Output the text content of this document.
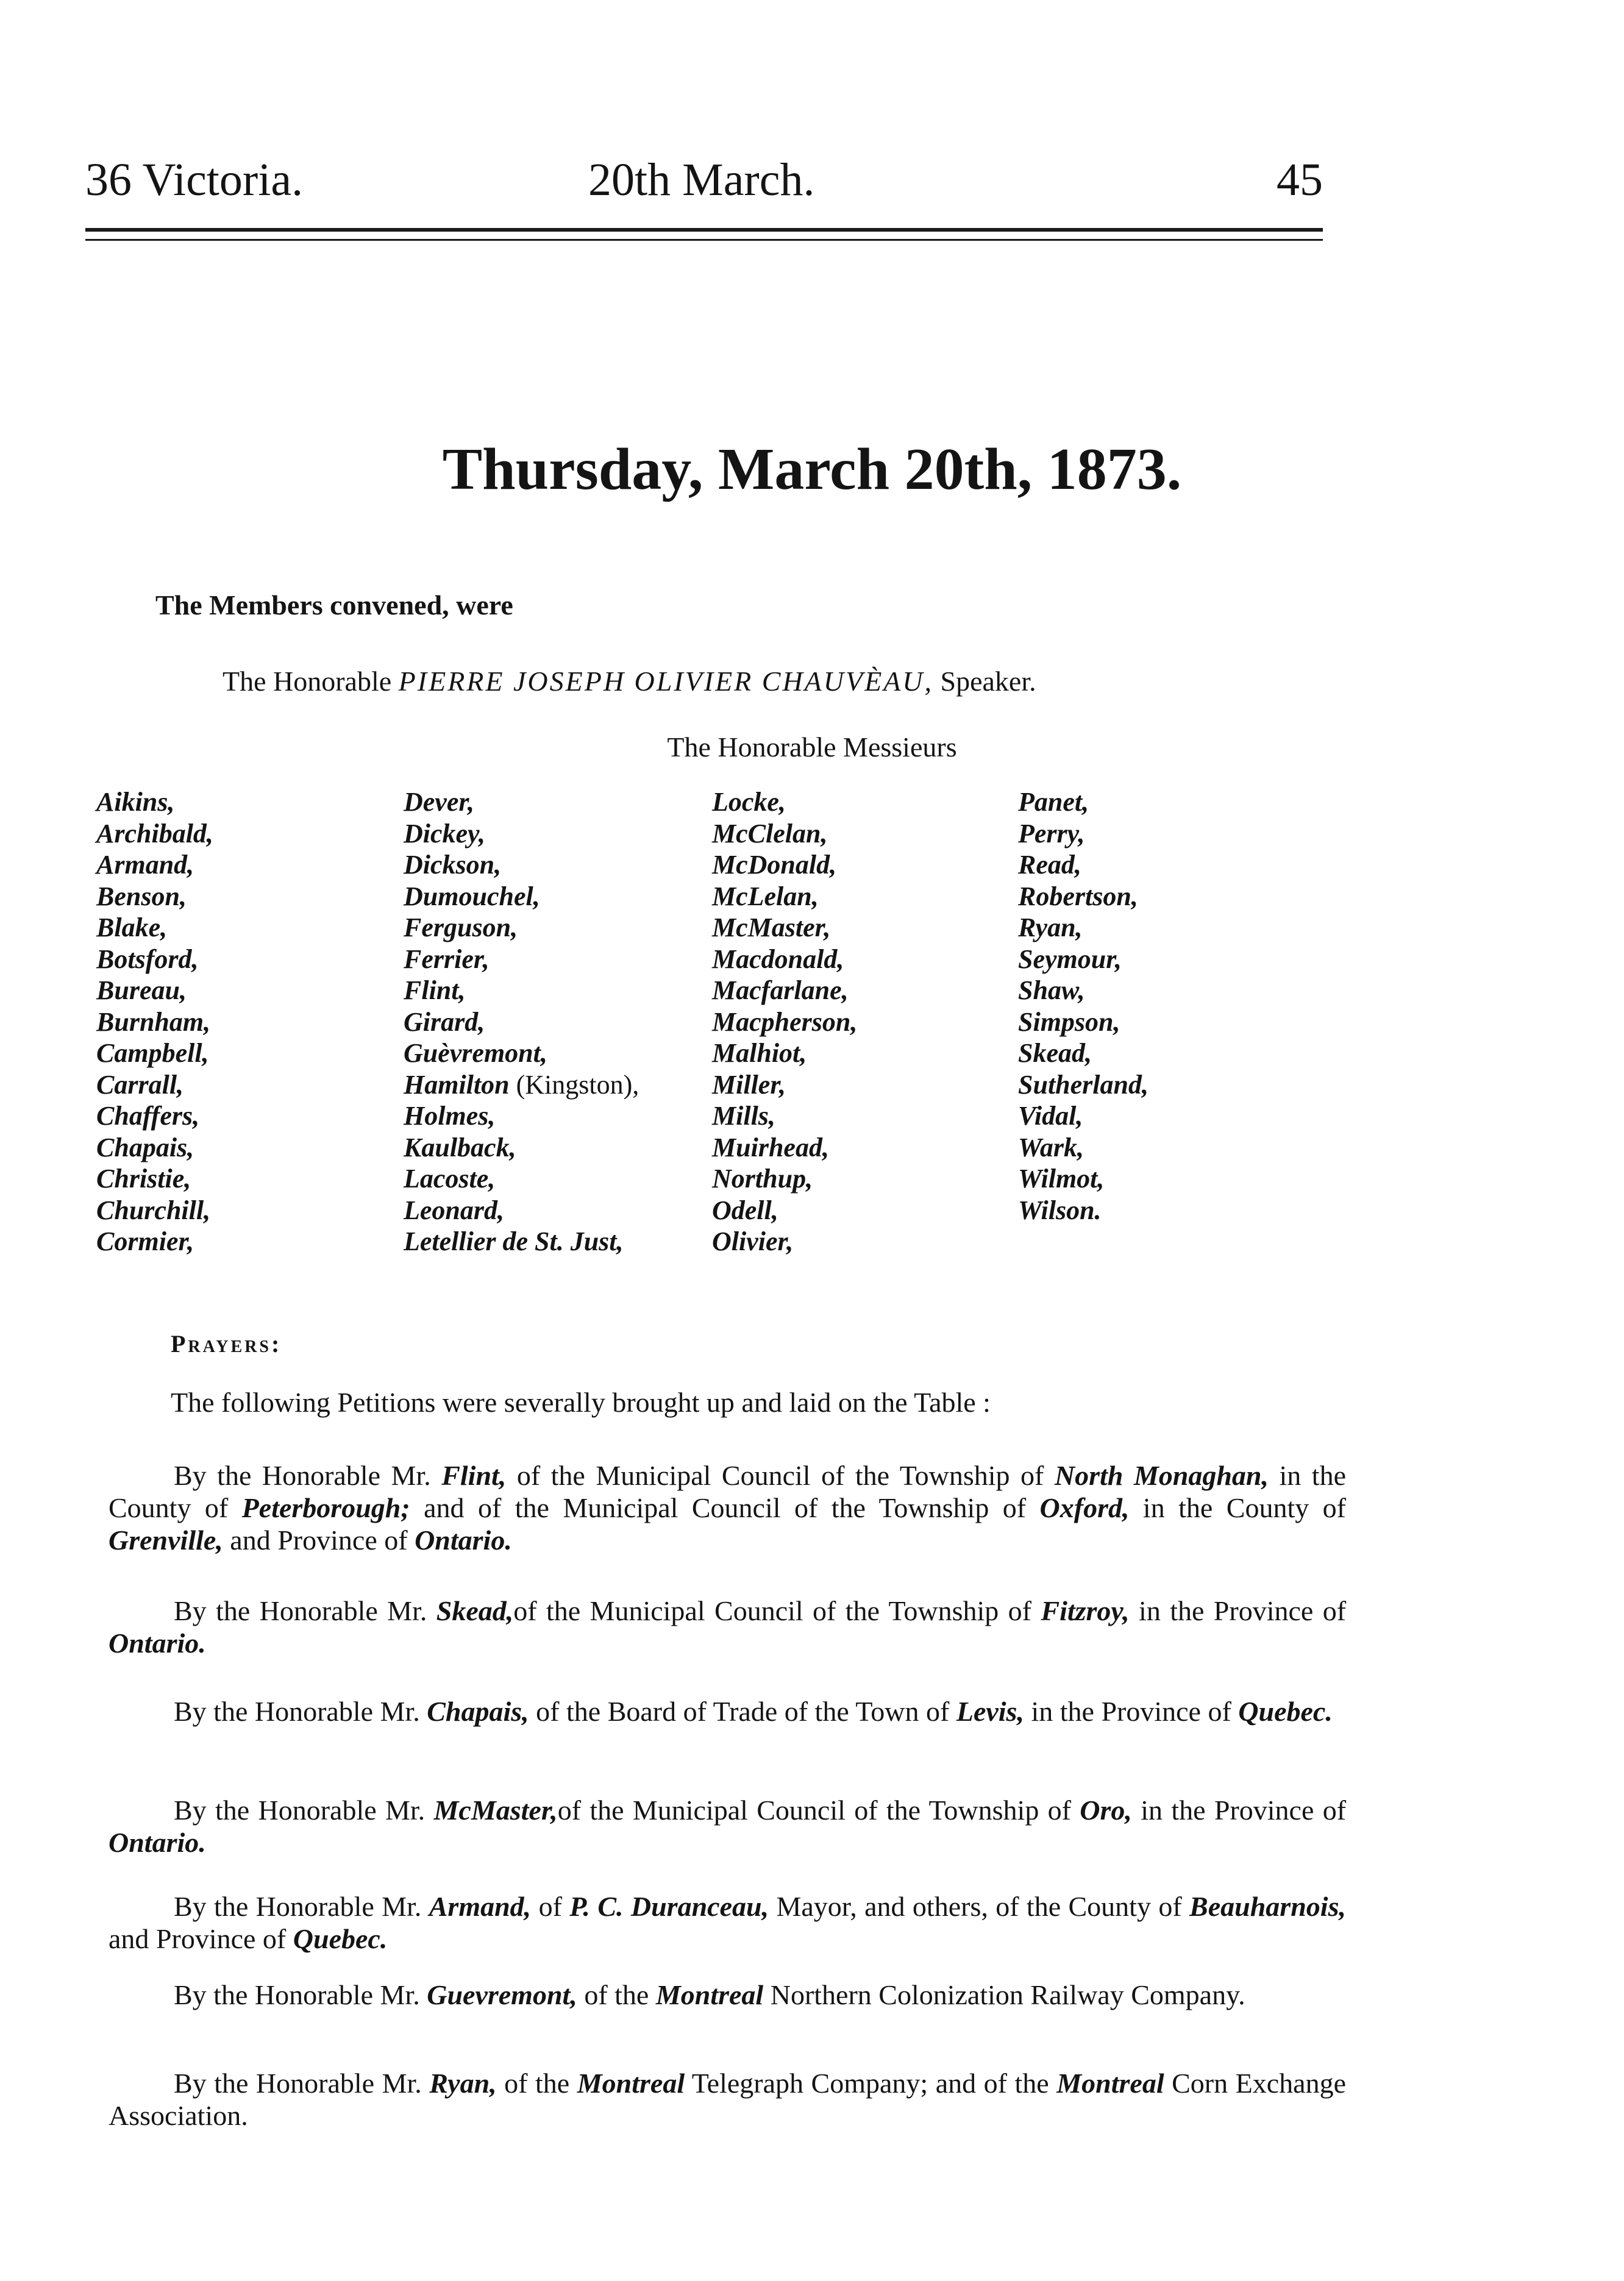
36 Victoria.	20th March.	45
Thursday, March 20th, 1873.
The Members convened, were
The Honorable PIERRE JOSEPH OLIVIER CHAUVÈAU, Speaker.
The Honorable Messieurs
Aikins,
Archibald,
Armand,
Benson,
Blake,
Botsford,
Bureau,
Burnham,
Campbell,
Carrall,
Chaffers,
Chapais,
Christie,
Churchill,
Cormier,
Dever,
Dickey,
Dickson,
Dumouchel,
Ferguson,
Ferrier,
Flint,
Girard,
Guèvremont,
Hamilton (Kingston),
Holmes,
Kaulback,
Lacoste,
Leonard,
Letellier de St. Just,
Locke,
McClelan,
McDonald,
McLelan,
McMaster,
Macdonald,
Macfarlane,
Macpherson,
Malhiot,
Miller,
Mills,
Muirhead,
Northup,
Odell,
Olivier,
Panet,
Perry,
Read,
Robertson,
Ryan,
Seymour,
Shaw,
Simpson,
Skead,
Sutherland,
Vidal,
Wark,
Wilmot,
Wilson.
Prayers:
The following Petitions were severally brought up and laid on the Table :

By the Honorable Mr. Flint, of the Municipal Council of the Township of North Monaghan, in the County of Peterborough; and of the Municipal Council of the Township of Oxford, in the County of Grenville, and Province of Ontario.

By the Honorable Mr. Skead,of the Municipal Council of the Township of Fitzroy, in the Province of Ontario.

By the Honorable Mr. Chapais, of the Board of Trade of the Town of Levis, in the Province of Quebec.

By the Honorable Mr. McMaster,of the Municipal Council of the Township of Oro, in the Province of Ontario.

By the Honorable Mr. Armand, of P. C. Duranceau, Mayor, and others, of the County of Beauharnois, and Province of Quebec.

By the Honorable Mr. Guevremont, of the Montreal Northern Colonization Railway Company.

By the Honorable Mr. Ryan, of the Montreal Telegraph Company; and of the Montreal Corn Exchange Association.
